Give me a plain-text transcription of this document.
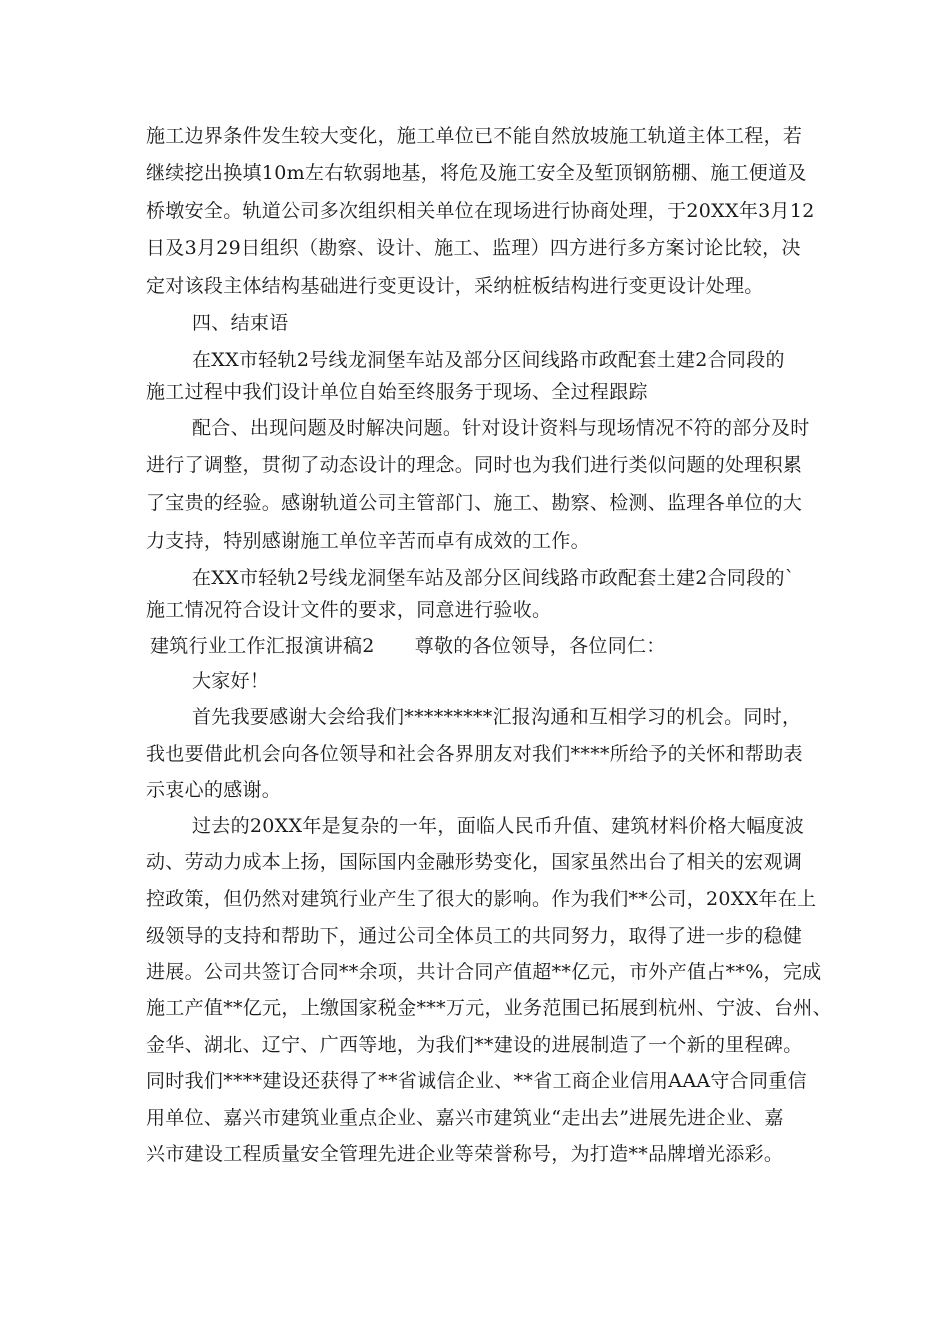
施工边界条件发生较大变化，施工单位已不能自然放坡施工轨道主体工程，若
继续挖出换填10m左右软弱地基，将危及施工安全及堑顶钢筋棚、施工便道及
桥墩安全。轨道公司多次组织相关单位在现场进行协商处理，于20XX年3月12
日及3月29日组织（勘察、设计、施工、监理）四方进行多方案讨论比较，决
定对该段主体结构基础进行变更设计，采纳桩板结构进行变更设计处理。
四、结束语
在XX市轻轨2号线龙洞堡车站及部分区间线路市政配套土建2合同段的
施工过程中我们设计单位自始至终服务于现场、全过程跟踪
配合、出现问题及时解决问题。针对设计资料与现场情况不符的部分及时
进行了调整，贯彻了动态设计的理念。同时也为我们进行类似问题的处理积累
了宝贵的经验。感谢轨道公司主管部门、施工、勘察、检测、监理各单位的大
力支持，特别感谢施工单位辛苦而卓有成效的工作。
在XX市轻轨2号线龙洞堡车站及部分区间线路市政配套土建2合同段的`
施工情况符合设计文件的要求，同意进行验收。
建筑行业工作汇报演讲稿2 尊敬的各位领导，各位同仁：
大家好！
首先我要感谢大会给我们*********汇报沟通和互相学习的机会。同时，
我也要借此机会向各位领导和社会各界朋友对我们****所给予的关怀和帮助表
示衷心的感谢。
过去的20XX年是复杂的一年，面临人民币升值、建筑材料价格大幅度波
动、劳动力成本上扬，国际国内金融形势变化，国家虽然出台了相关的宏观调
控政策，但仍然对建筑行业产生了很大的影响。作为我们**公司，20XX年在上
级领导的支持和帮助下，通过公司全体员工的共同努力，取得了进一步的稳健
进展。公司共签订合同**余项，共计合同产值超**亿元，市外产值占**%，完成
施工产值**亿元，上缴国家税金***万元，业务范围已拓展到杭州、宁波、台州、
金华、湖北、辽宁、广西等地，为我们**建设的进展制造了一个新的里程碑。
同时我们****建设还获得了**省诚信企业、**省工商企业信用AAA守合同重信
用单位、嘉兴市建筑业重点企业、嘉兴市建筑业“走出去”进展先进企业、嘉
兴市建设工程质量安全管理先进企业等荣誉称号，为打造**品牌增光添彩。
